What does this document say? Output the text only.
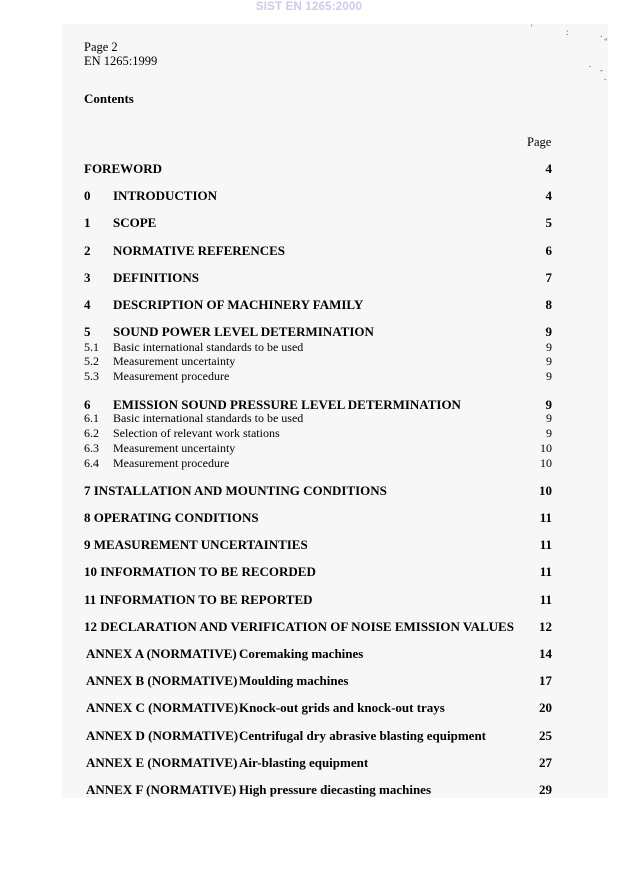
SIST EN 1265:2000
'	:	.
"
.
-
.
Page 2
EN 1265:1999
Contents
Page
FOREWORD	4
0	INTRODUCTION	4
1	SCOPE	5
2	NORMATIVE REFERENCES	6
3	DEFINITIONS	7
4	DESCRIPTION OF MACHINERY FAMILY	8
5	SOUND POWER LEVEL DETERMINATION	9
5.1	Basic international standards to be used	9
5.2	Measurement uncertainty	9
5.3	Measurement procedure	9
6	EMISSION SOUND PRESSURE LEVEL DETERMINATION	9
6.1	Basic international standards to be used	9
6.2	Selection of relevant work stations	9
6.3	Measurement uncertainty	10
6.4	Measurement procedure	10
7 INSTALLATION AND MOUNTING CONDITIONS	10
8 OPERATING CONDITIONS	11
9 MEASUREMENT UNCERTAINTIES	11
10 INFORMATION TO BE RECORDED	11
11 INFORMATION TO BE REPORTED	11
12 DECLARATION AND VERIFICATION OF NOISE EMISSION VALUES	12
ANNEX A (NORMATIVE) Coremaking machines	14
ANNEX B (NORMATIVE) Moulding machines	17
ANNEX C (NORMATIVE) Knock-out grids and knock-out trays	20
ANNEX D (NORMATIVE) Centrifugal dry abrasive blasting equipment	25
ANNEX E (NORMATIVE) Air-blasting equipment	27
ANNEX F (NORMATIVE) High pressure diecasting machines	29
